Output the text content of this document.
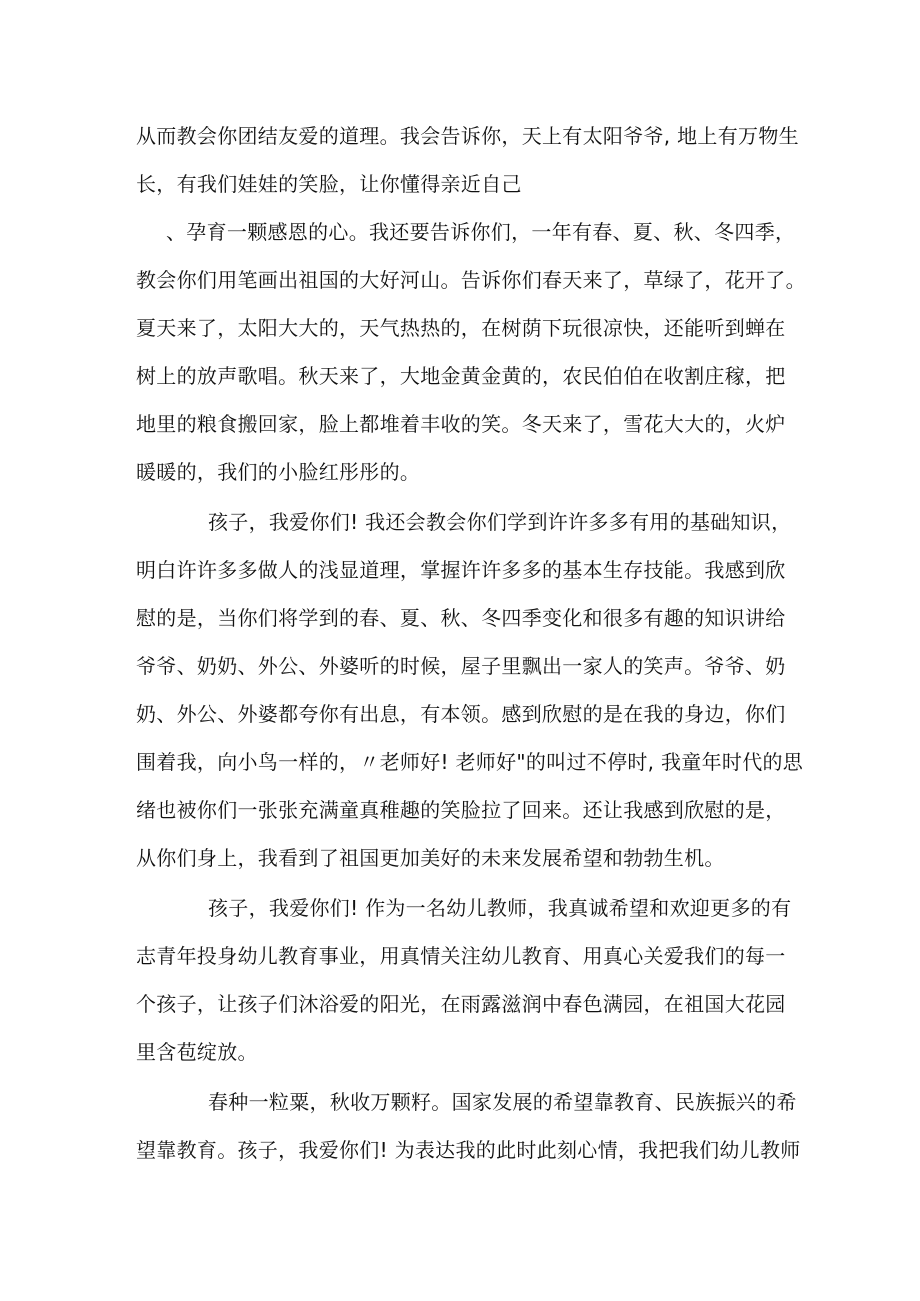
从而教会你团结友爱的道理。我会告诉你，天上有太阳爷爷, 地上有万物生
长，有我们娃娃的笑脸，让你懂得亲近自己
、孕育一颗感恩的心。我还要告诉你们，一年有春、夏、秋、冬四季，
教会你们用笔画出祖国的大好河山。告诉你们春天来了，草绿了，花开了。
夏天来了，太阳大大的，天气热热的，在树荫下玩很凉快，还能听到蝉在
树上的放声歌唱。秋天来了，大地金黄金黄的，农民伯伯在收割庄稼，把
地里的粮食搬回家，脸上都堆着丰收的笑。冬天来了，雪花大大的，火炉
暖暖的，我们的小脸红彤彤的。
孩子，我爱你们! 我还会教会你们学到许许多多有用的基础知识，
明白许许多多做人的浅显道理，掌握许许多多的基本生存技能。我感到欣
慰的是，当你们将学到的春、夏、秋、冬四季变化和很多有趣的知识讲给
爷爷、奶奶、外公、外婆听的时候，屋子里飘出一家人的笑声。爷爷、奶
奶、外公、外婆都夸你有出息，有本领。感到欣慰的是在我的身边，你们
围着我，向小鸟一样的，〃老师好! 老师好"的叫过不停时, 我童年时代的思
绪也被你们一张张充满童真稚趣的笑脸拉了回来。还让我感到欣慰的是，
从你们身上，我看到了祖国更加美好的未来发展希望和勃勃生机。
孩子，我爱你们! 作为一名幼儿教师，我真诚希望和欢迎更多的有
志青年投身幼儿教育事业，用真情关注幼儿教育、用真心关爱我们的每一
个孩子，让孩子们沐浴爱的阳光，在雨露滋润中春色满园，在祖国大花园
里含苞绽放。
春种一粒粟，秋收万颗籽。国家发展的希望靠教育、民族振兴的希
望靠教育。孩子，我爱你们! 为表达我的此时此刻心情，我把我们幼儿教师
